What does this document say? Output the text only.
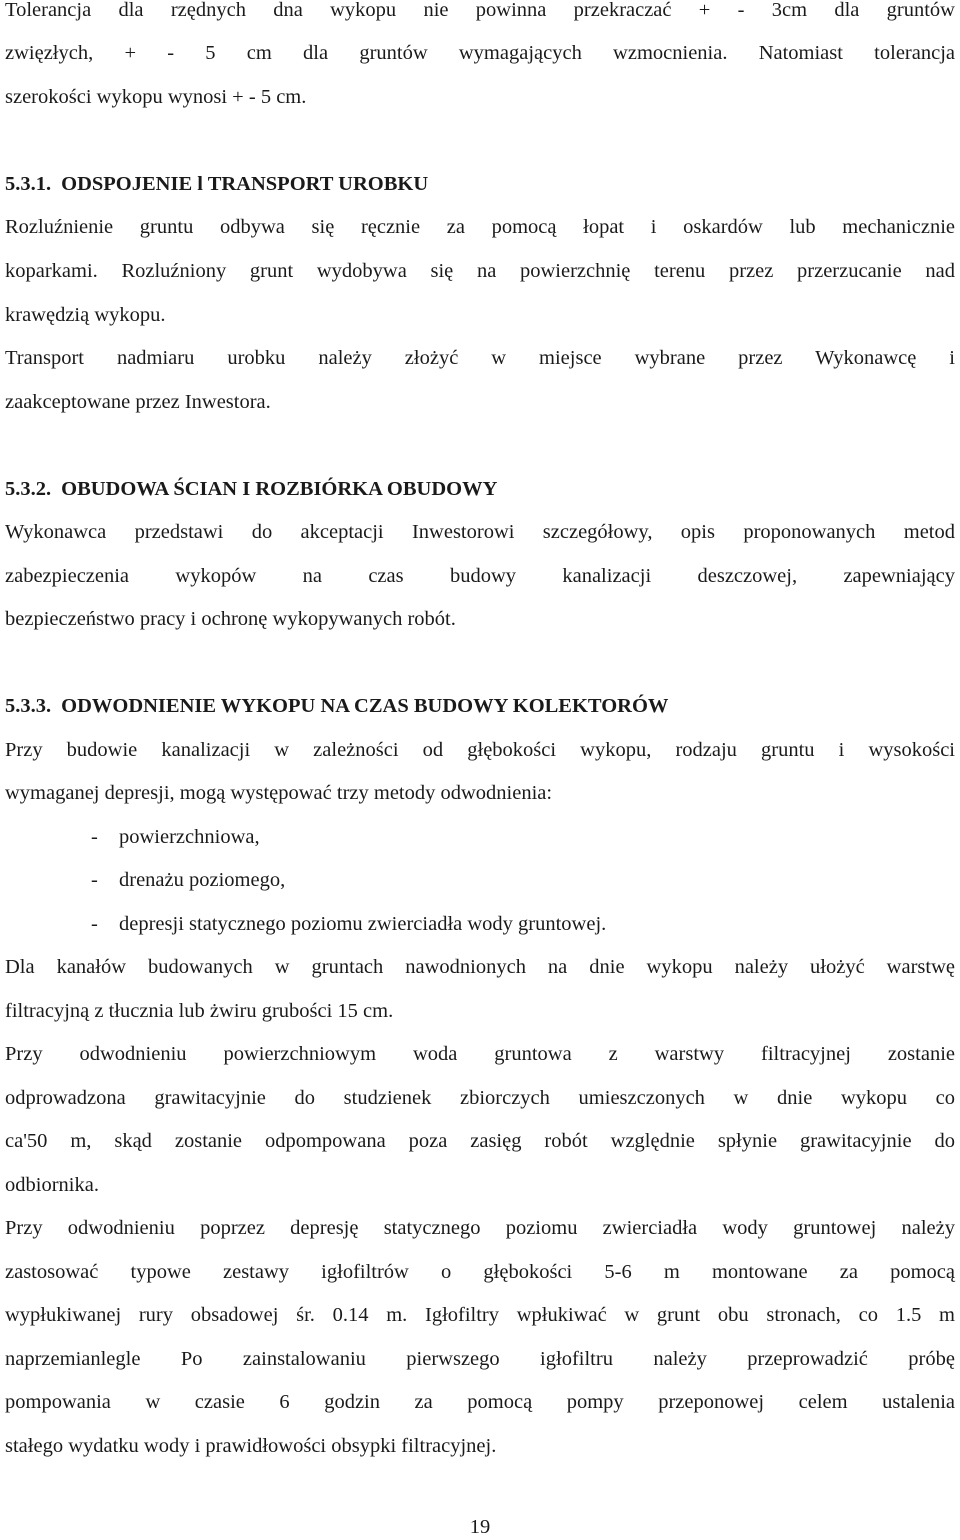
Tolerancja dla rzędnych dna wykopu nie powinna przekraczać + - 3cm dla gruntów
zwięzłych, + - 5 cm dla gruntów wymagających wzmocnienia. Natomiast tolerancja
szerokości wykopu wynosi + - 5 cm.
5.3.1. ODSPOJENIE l TRANSPORT UROBKU
Rozluźnienie gruntu odbywa się ręcznie za pomocą łopat i oskardów lub mechanicznie
koparkami. Rozluźniony grunt wydobywa się na powierzchnię terenu przez przerzucanie nad
krawędzią wykopu.
Transport nadmiaru urobku należy złożyć w miejsce wybrane przez Wykonawcę i
zaakceptowane przez Inwestora.
5.3.2. OBUDOWA ŚCIAN I ROZBIÓRKA OBUDOWY
Wykonawca przedstawi do akceptacji Inwestorowi szczegółowy, opis proponowanych metod
zabezpieczenia wykopów na czas budowy kanalizacji deszczowej, zapewniający
bezpieczeństwo pracy i ochronę wykopywanych robót.
5.3.3. ODWODNIENIE WYKOPU NA CZAS BUDOWY KOLEKTORÓW
Przy budowie kanalizacji w zależności od głębokości wykopu, rodzaju gruntu i wysokości
wymaganej depresji, mogą występować trzy metody odwodnienia:
- powierzchniowa,
- drenażu poziomego,
- depresji statycznego poziomu zwierciadła wody gruntowej.
Dla kanałów budowanych w gruntach nawodnionych na dnie wykopu należy ułożyć warstwę
filtracyjną z tłucznia lub żwiru grubości 15 cm.
Przy odwodnieniu powierzchniowym woda gruntowa z warstwy filtracyjnej zostanie
odprowadzona grawitacyjnie do studzienek zbiorczych umieszczonych w dnie wykopu co
ca'50 m, skąd zostanie odpompowana poza zasięg robót względnie spłynie grawitacyjnie do
odbiornika.
Przy odwodnieniu poprzez depresję statycznego poziomu zwierciadła wody gruntowej należy
zastosować typowe zestawy igłofiltrów o głębokości 5-6 m montowane za pomocą
wypłukiwanej rury obsadowej śr. 0.14 m. Igłofiltry wpłukiwać w grunt obu stronach, co 1.5 m
naprzemianlegle Po zainstalowaniu pierwszego igłofiltru należy przeprowadzić próbę
pompowania w czasie 6 godzin za pomocą pompy przeponowej celem ustalenia
stałego wydatku wody i prawidłowości obsypki filtracyjnej.
19
